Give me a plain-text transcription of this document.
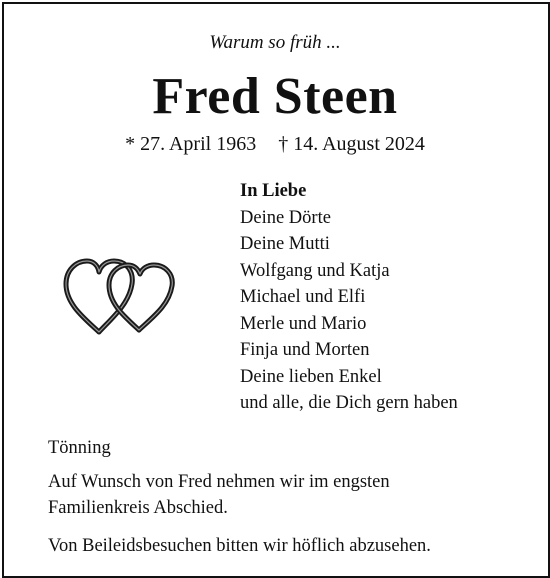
Warum so früh ...
Fred Steen
* 27. April 1963 † 14. August 2024
In Liebe
Deine Dörte
Deine Mutti
Wolfgang und Katja
Michael und Elfi
Merle und Mario
Finja und Morten
Deine lieben Enkel
und alle, die Dich gern haben
Tönning
Auf Wunsch von Fred nehmen wir im engsten
Familienkreis Abschied.
Von Beileidsbesuchen bitten wir höflich abzusehen.
